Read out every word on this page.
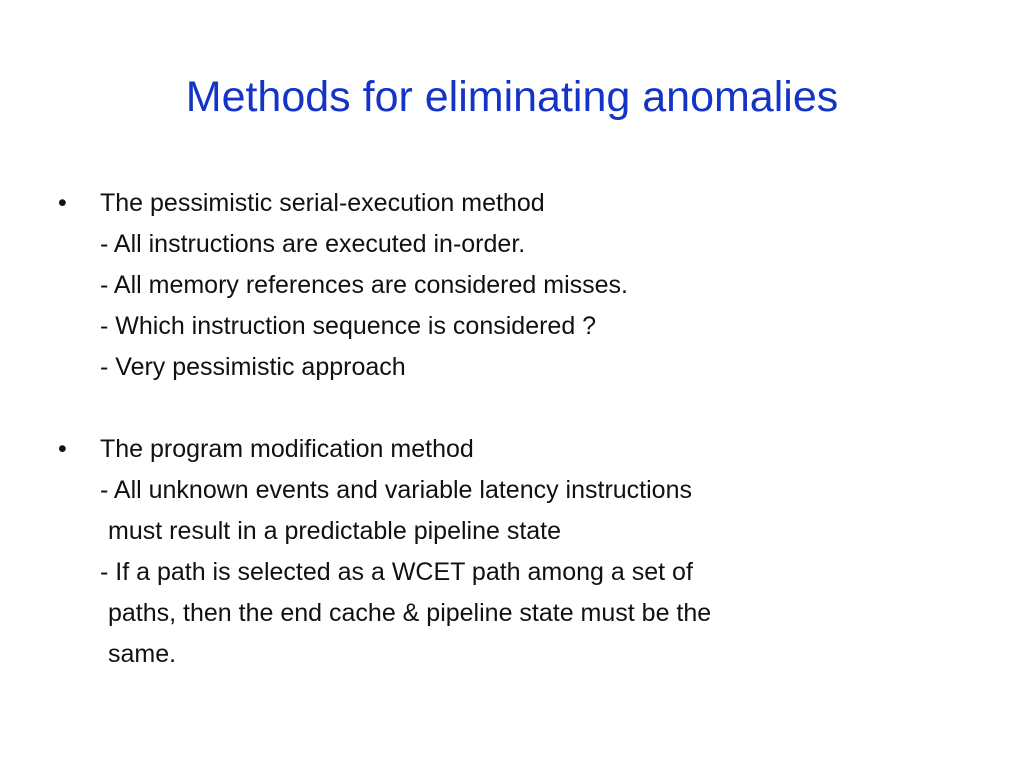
Methods for eliminating anomalies
• The pessimistic serial-execution method
- All instructions are executed in-order.
- All memory references are considered misses.
- Which instruction sequence is considered ?
- Very pessimistic approach
• The program modification method
- All unknown events and variable latency instructions
must result in a predictable pipeline state
- If a path is selected as a WCET path among a set of
paths, then the end cache & pipeline state must be the
same.
